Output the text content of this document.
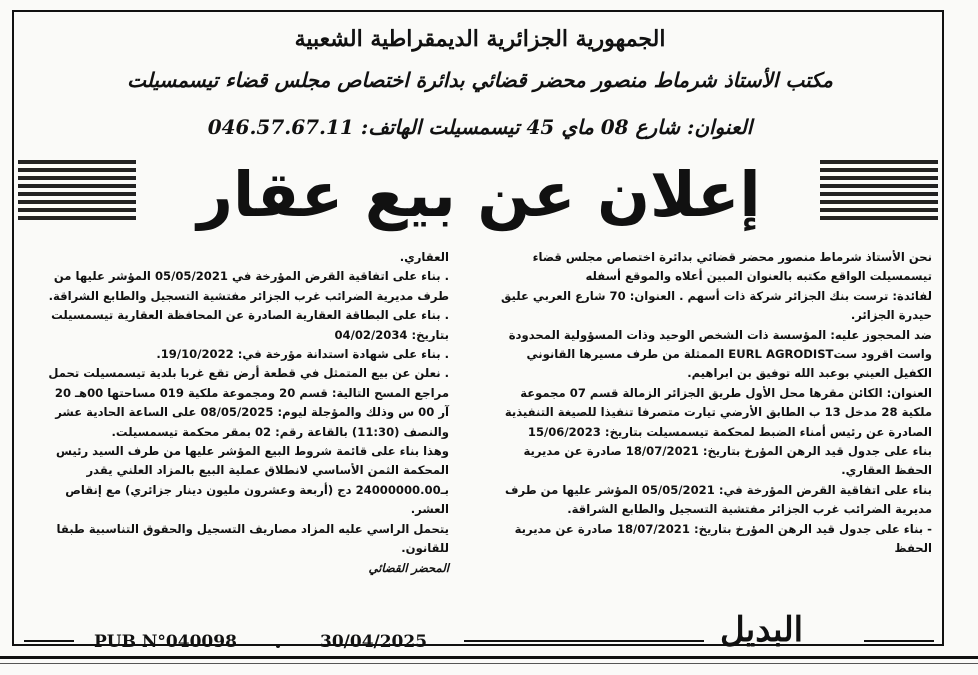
الجمهورية الجزائرية الديمقراطية الشعبية
مكتب الأستاذ شرماط منصور محضر قضائي بدائرة اختصاص مجلس قضاء تيسمسيلت
العنوان: شارع 08 ماي 45 تيسمسيلت الهاتف: 046.57.67.11
إعلان عن بيع عقار

نحن الأستاذ شرماط منصور محضر قضائي بدائرة اختصاص مجلس قضاء تيسمسيلت الواقع مكتبه بالعنوان المبين أعلاه والموقع أسفله

لفائدة: ترست بنك الجزائر شركة ذات أسهم . العنوان: 70 شارع العربي عليق حيدرة الجزائر.

ضد المحجوز عليه: المؤسسة ذات الشخص الوحيد وذات المسؤولية المحدودة واست اقرود ستEURL AGRODIST الممثلة من طرف مسيرها القانوني الكفيل العيني بوعبد الله توفيق بن ابراهيم.

العنوان: الكائن مقرها محل الأول طريق الجزائر الزمالة قسم 07 مجموعة ملكية 28 مدخل 13 ب الطابق الأرضي تيارت متصرفا تنفيذا للصيغة التنفيذية الصادرة عن رئيس أمناء الضبط لمحكمة تيسمسيلت بتاريخ: 15/06/2023

بناء على جدول قيد الرهن المؤرخ بتاريخ: 18/07/2021 صادرة عن مديرية الحفظ العقاري.

بناء على اتفاقية القرض المؤرخة في: 05/05/2021 المؤشر عليها من طرف مديرية الضرائب غرب الجزائر مفتشية التسجيل والطابع الشراقة.

- بناء على جدول قيد الرهن المؤرخ بتاريخ: 18/07/2021 صادرة عن مديرية الحفظ

العقاري.

. بناء على اتفاقية القرض المؤرخة في 05/05/2021 المؤشر عليها من طرف مديرية الضرائب غرب الجزائر مفتشية التسجيل والطابع الشراقة.

. بناء على البطاقة العقارية الصادرة عن المحافظة العقارية تيسمسيلت بتاريخ: 04/02/2034

. بناء على شهادة استدانة مؤرخة في: 19/10/2022.

. نعلن عن بيع المتمثل في قطعة أرض تقع غربا بلدية تيسمسيلت تحمل مراجع المسح التالية: قسم 20 ومجموعة ملكية 019 مساحتها 00هـ 20 آر 00 س وذلك والمؤجلة ليوم: 08/05/2025 على الساعة الحادية عشر والنصف (11:30) بالقاعة رقم: 02 بمقر محكمة تيسمسيلت.

وهذا بناء على قائمة شروط البيع المؤشر عليها من طرف السيد رئيس المحكمة الثمن الأساسي لانطلاق عملية البيع بالمزاد العلني يقدر بـ24000000.00 دج (أربعة وعشرون مليون دينار جزائري) مع إنقاص العشر.

يتحمل الراسي عليه المزاد مصاريف التسجيل والحقوق التناسبية طبقا للقانون.

المحضر القضائي

PUB N°040098	30/04/2025	البديل
